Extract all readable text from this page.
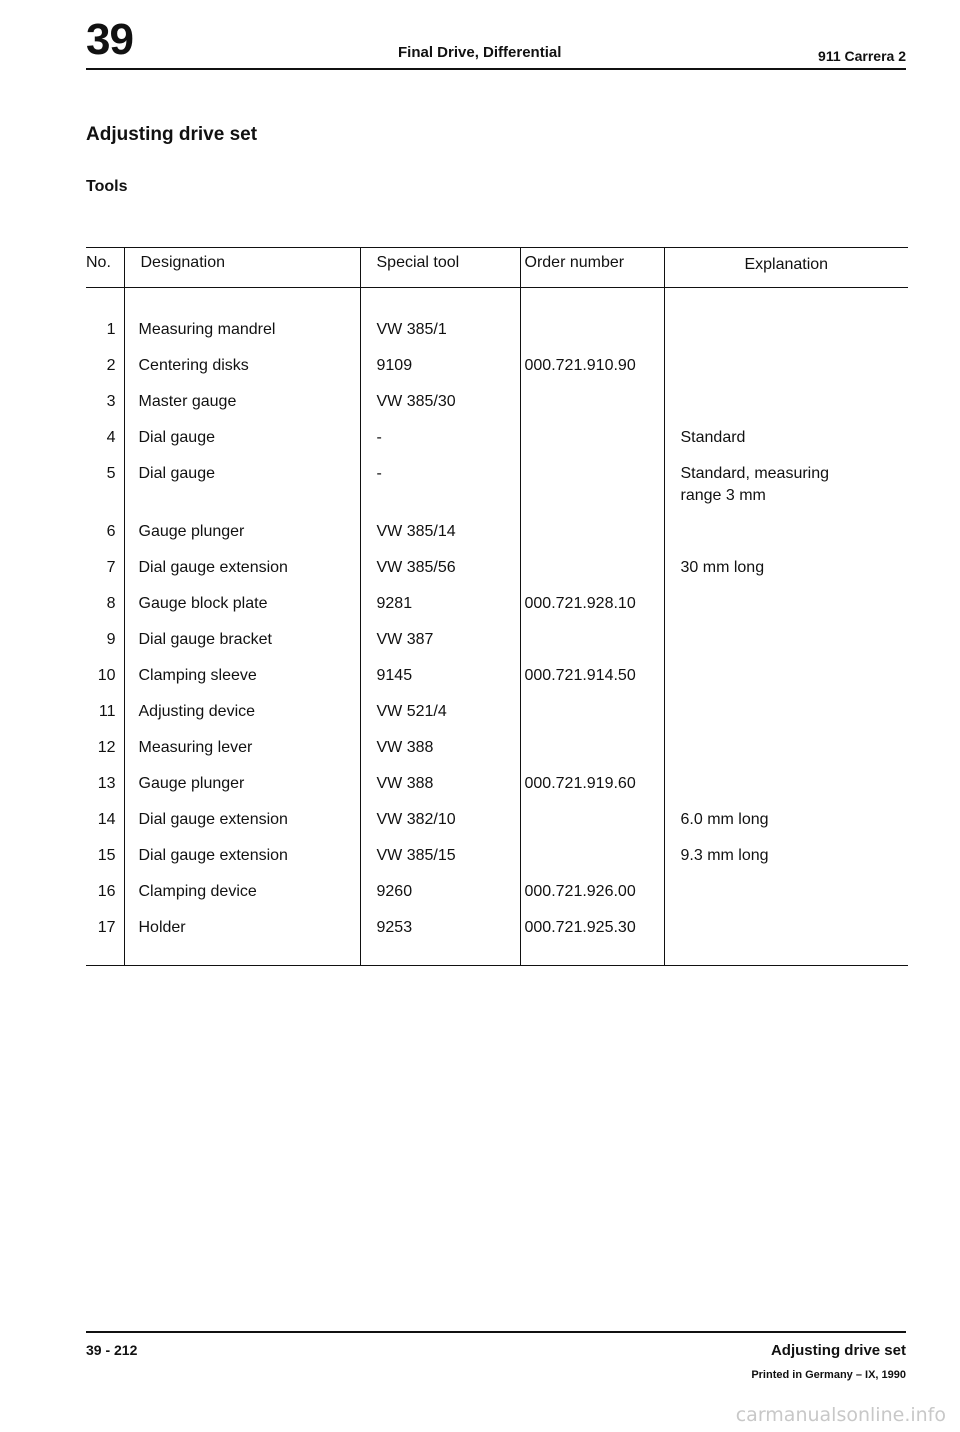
39	Final Drive, Differential	911 Carrera 2
Adjusting drive set
Tools
No.	Designation	Special tool	Order number	Explanation
1	Measuring mandrel	VW 385/1		
2	Centering disks	9109	000.721.910.90	
3	Master gauge	VW 385/30		
4	Dial gauge	-		Standard
5	Dial gauge	-		Standard, measuring
range 3 mm
6	Gauge plunger	VW 385/14		
7	Dial gauge extension	VW 385/56		30 mm long
8	Gauge block plate	9281	000.721.928.10	
9	Dial gauge bracket	VW 387		
10	Clamping sleeve	9145	000.721.914.50	
11	Adjusting device	VW 521/4		
12	Measuring lever	VW 388		
13	Gauge plunger	VW 388	000.721.919.60	
14	Dial gauge extension	VW 382/10		6.0 mm long
15	Dial gauge extension	VW 385/15		9.3 mm long
16	Clamping device	9260	000.721.926.00	
17	Holder	9253	000.721.925.30	
39 - 212	Adjusting drive set
Printed in Germany – IX, 1990
carmanualsonline.info
